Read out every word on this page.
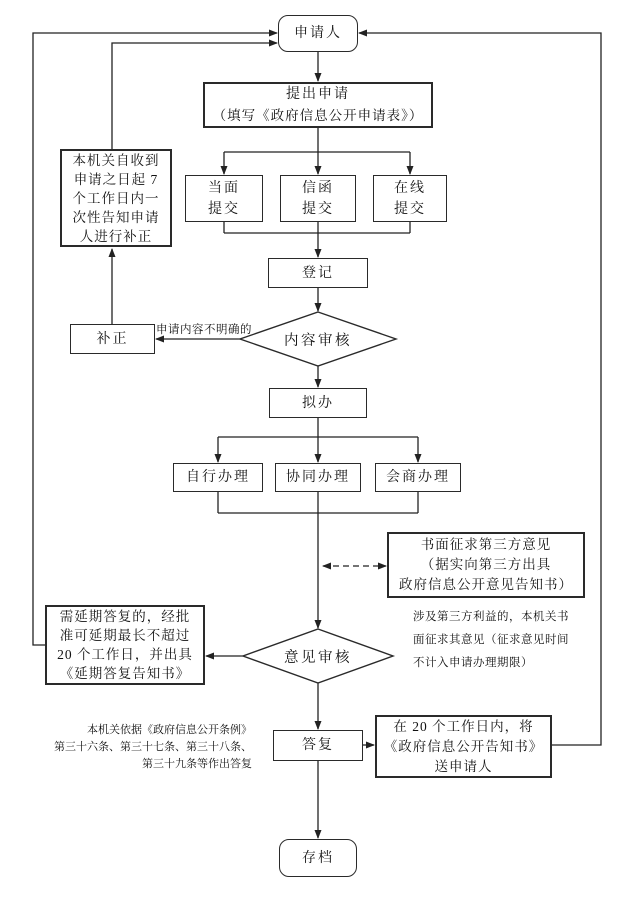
申请人
提出申请
（填写《政府信息公开申请表》）
当面
提交
信函
提交
在线
提交
登记
内容审核
补正
本机关自收到
申请之日起 7
个工作日内一
次性告知申请
人进行补正
拟办
自行办理	协同办理	会商办理
书面征求第三方意见
（据实向第三方出具
政府信息公开意见告知书）
意见审核
需延期答复的，经批
准可延期最长不超过
20 个工作日，并出具
《延期答复告知书》
答复
在 20 个工作日内，将
《政府信息公开告知书》
送申请人
存档
申请内容不明确的
涉及第三方利益的，本机关书
面征求其意见（征求意见时间
不计入申请办理期限）
本机关依据《政府信息公开条例》
第三十六条、第三十七条、第三十八条、
第三十九条等作出答复
